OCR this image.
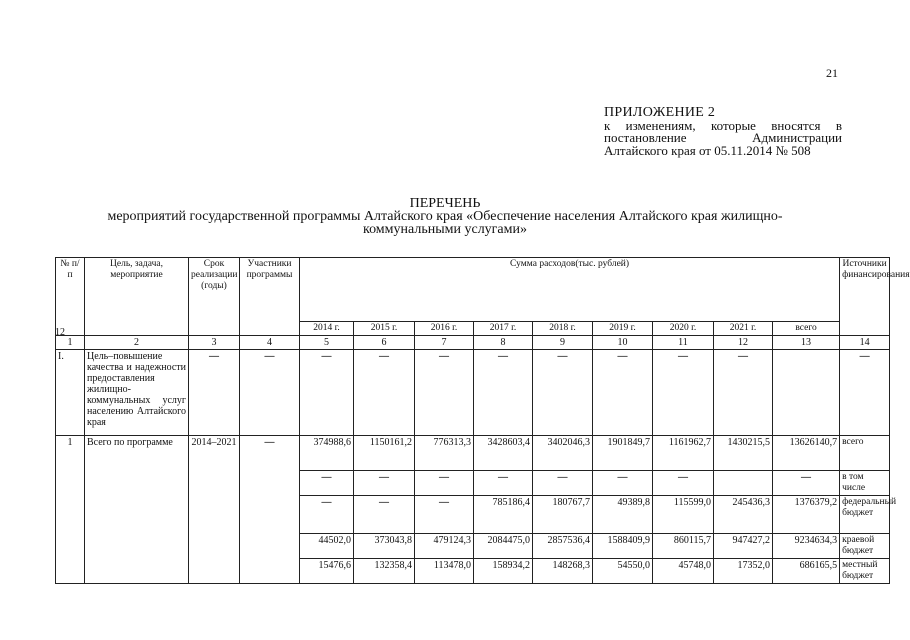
21
ПРИЛОЖЕНИЕ 2
к изменениям, которые вносятся в постановление Администрации Алтайского края от 05.11.2014 № 508
ПЕРЕЧЕНЬ
мероприятий государственной программы Алтайского края «Обеспечение населения Алтайского края жилищно-коммунальными услугами»
12
№ п/п	Цель, задача, мероприятие	Срок реализации (годы)	Участники программы	Сумма расходов(тыс. рублей)									Источники финансирования
				2014 г.	2015 г.	2016 г.	2017 г.	2018 г.	2019 г.	2020 г.	2021 г.	всего	
1	2	3	4	5	6	7	8	9	10	11	12	13	14
I.	Цель–повышение качества и надежности предоставления жилищно-коммунальных услуг населению Алтайского края	—	—	—	—	—	—	—	—	—	—		—
1	Всего по программе	2014–2021	—	374988,6	1150161,2	776313,3	3428603,4	3402046,3	1901849,7	1161962,7	1430215,5	13626140,7	всего
				—	—	—	—	—	—	—		—	в том числе
				—	—	—	785186,4	180767,7	49389,8	115599,0	245436,3	1376379,2	федеральный бюджет
				44502,0	373043,8	479124,3	2084475,0	2857536,4	1588409,9	860115,7	947427,2	9234634,3	краевой бюджет
				15476,6	132358,4	113478,0	158934,2	148268,3	54550,0	45748,0	17352,0	686165,5	местный бюджет
